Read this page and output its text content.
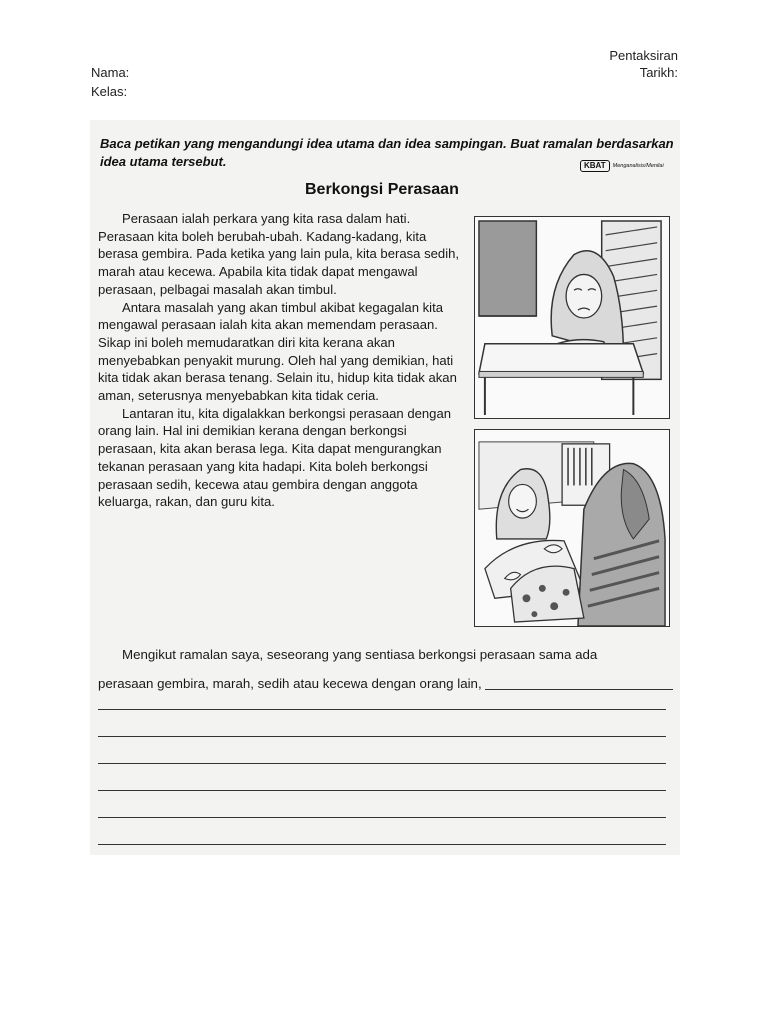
Nama:
Kelas:
Pentaksiran
Tarikh:
Baca petikan yang mengandungi idea utama dan idea sampingan. Buat ramalan berdasarkan idea utama tersebut.	KBAT	Menganalisis/Menilai
Berkongsi Perasaan

Perasaan ialah perkara yang kita rasa dalam hati. Perasaan kita boleh berubah-ubah. Kadang-kadang, kita berasa gembira. Pada ketika yang lain pula, kita berasa sedih, marah atau kecewa. Apabila kita tidak dapat mengawal perasaan, pelbagai masalah akan timbul.

Antara masalah yang akan timbul akibat kegagalan kita mengawal perasaan ialah kita akan memendam perasaan. Sikap ini boleh memudaratkan diri kita kerana akan menyebabkan penyakit murung. Oleh hal yang demikian, hati kita tidak akan berasa tenang. Selain itu, hidup kita tidak akan aman, seterusnya menyebabkan kita tidak ceria.

Lantaran itu, kita digalakkan berkongsi perasaan dengan orang lain. Hal ini demikian kerana dengan berkongsi perasaan, kita akan berasa lega. Kita dapat mengurangkan tekanan perasaan yang kita hadapi. Kita boleh berkongsi perasaan sedih, kecewa atau gembira dengan anggota keluarga, rakan, dan guru kita.

Mengikut ramalan saya, seseorang yang sentiasa berkongsi perasaan sama ada
perasaan gembira, marah, sedih atau kecewa dengan orang lain,
